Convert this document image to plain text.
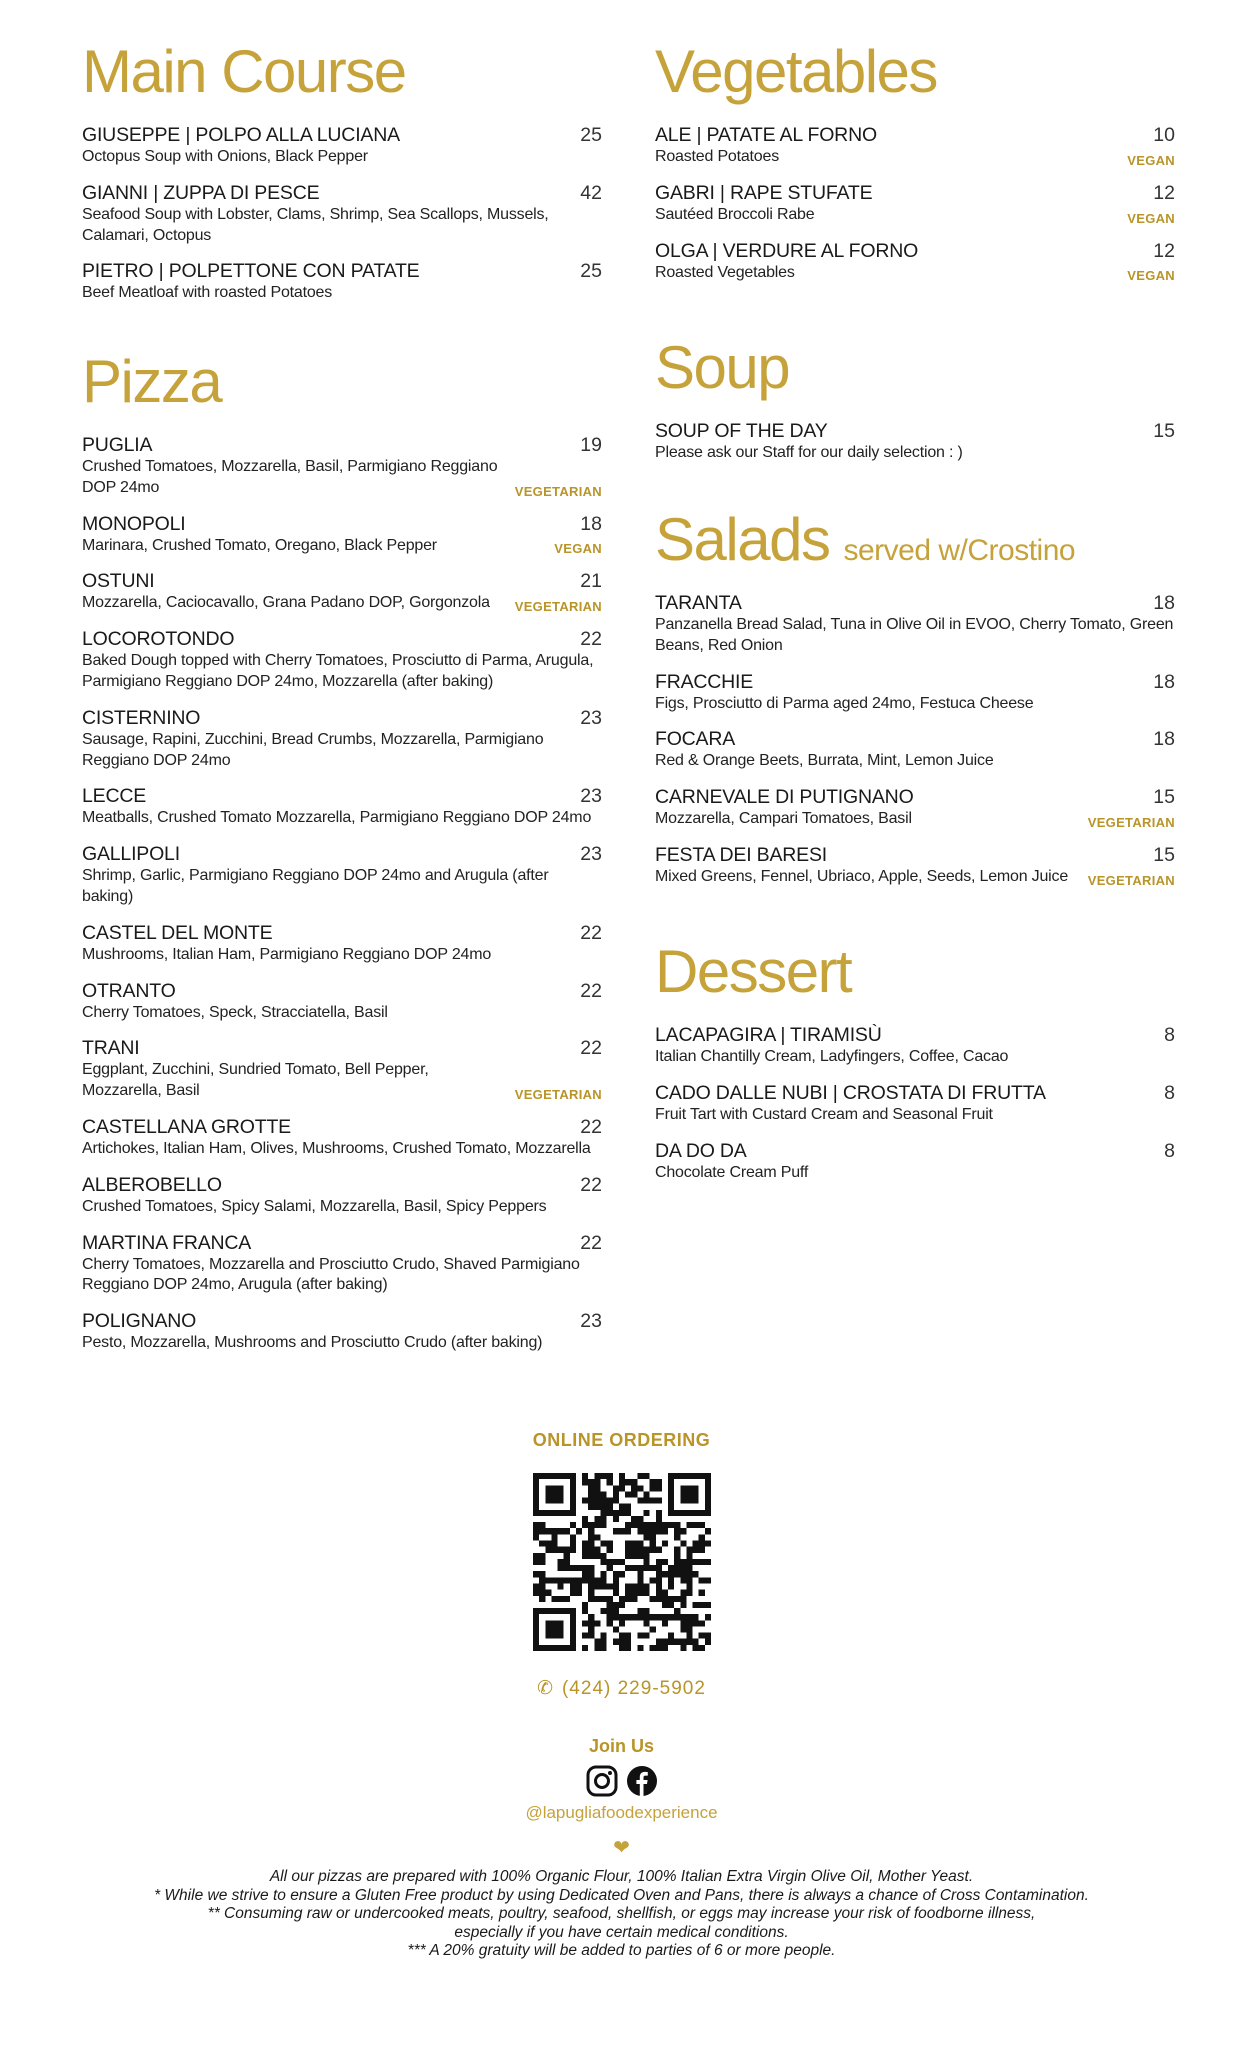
Main Course
GIUSEPPE | POLPO ALLA LUCIANA	25
Octopus Soup with Onions, Black Pepper
GIANNI | ZUPPA DI PESCE	42
Seafood Soup with Lobster, Clams, Shrimp, Sea Scallops, Mussels, Calamari, Octopus
PIETRO | POLPETTONE CON PATATE	25
Beef Meatloaf with roasted Potatoes
Pizza
PUGLIA	19
Crushed Tomatoes, Mozzarella, Basil, Parmigiano Reggiano DOP 24mo	VEGETARIAN
MONOPOLI	18
Marinara, Crushed Tomato, Oregano, Black Pepper	VEGAN
OSTUNI	21
Mozzarella, Caciocavallo, Grana Padano DOP, Gorgonzola VEGETARIAN
LOCOROTONDO	22
Baked Dough topped with Cherry Tomatoes, Prosciutto di Parma, Arugula, Parmigiano Reggiano DOP 24mo, Mozzarella (after baking)
CISTERNINO	23
Sausage, Rapini, Zucchini, Bread Crumbs, Mozzarella, Parmigiano Reggiano DOP 24mo
LECCE	23
Meatballs, Crushed Tomato Mozzarella, Parmigiano Reggiano DOP 24mo
GALLIPOLI	23
Shrimp, Garlic, Parmigiano Reggiano DOP 24mo and Arugula (after baking)
CASTEL DEL MONTE	22
Mushrooms, Italian Ham, Parmigiano Reggiano DOP 24mo
OTRANTO	22
Cherry Tomatoes, Speck, Stracciatella, Basil
TRANI	22
Eggplant, Zucchini, Sundried Tomato, Bell Pepper, Mozzarella, Basil	VEGETARIAN
CASTELLANA GROTTE	22
Artichokes, Italian Ham, Olives, Mushrooms, Crushed Tomato, Mozzarella
ALBEROBELLO	22
Crushed Tomatoes, Spicy Salami, Mozzarella, Basil, Spicy Peppers
MARTINA FRANCA	22
Cherry Tomatoes, Mozzarella and Prosciutto Crudo, Shaved Parmigiano Reggiano DOP 24mo, Arugula (after baking)
POLIGNANO	23
Pesto, Mozzarella, Mushrooms and Prosciutto Crudo (after baking)
Vegetables
ALE | PATATE AL FORNO	10
Roasted Potatoes	VEGAN
GABRI | RAPE STUFATE	12
Sautéed Broccoli Rabe	VEGAN
OLGA | VERDURE AL FORNO	12
Roasted Vegetables	VEGAN
Soup
SOUP OF THE DAY	15
Please ask our Staff for our daily selection : )
Salads served w/Crostino
TARANTA	18
Panzanella Bread Salad, Tuna in Olive Oil in EVOO, Cherry Tomato, Green Beans, Red Onion
FRACCHIE	18
Figs, Prosciutto di Parma aged 24mo, Festuca Cheese
FOCARA	18
Red & Orange Beets, Burrata, Mint, Lemon Juice
CARNEVALE DI PUTIGNANO	15
Mozzarella, Campari Tomatoes, Basil	VEGETARIAN
FESTA DEI BARESI	15
Mixed Greens, Fennel, Ubriaco, Apple, Seeds, Lemon Juice VEGETARIAN
Dessert
LACAPAGIRA | TIRAMISÙ	8
Italian Chantilly Cream, Ladyfingers, Coffee, Cacao
CADO DALLE NUBI | CROSTATA DI FRUTTA	8
Fruit Tart with Custard Cream and Seasonal Fruit
DA DO DA	8
Chocolate Cream Puff
ONLINE ORDERING
✆ (424) 229-5902
Join Us
@lapugliafoodexperience
❤
All our pizzas are prepared with 100% Organic Flour, 100% Italian Extra Virgin Olive Oil, Mother Yeast.
* While we strive to ensure a Gluten Free product by using Dedicated Oven and Pans, there is always a chance of Cross Contamination.
** Consuming raw or undercooked meats, poultry, seafood, shellfish, or eggs may increase your risk of foodborne illness,
especially if you have certain medical conditions.
*** A 20% gratuity will be added to parties of 6 or more people.
